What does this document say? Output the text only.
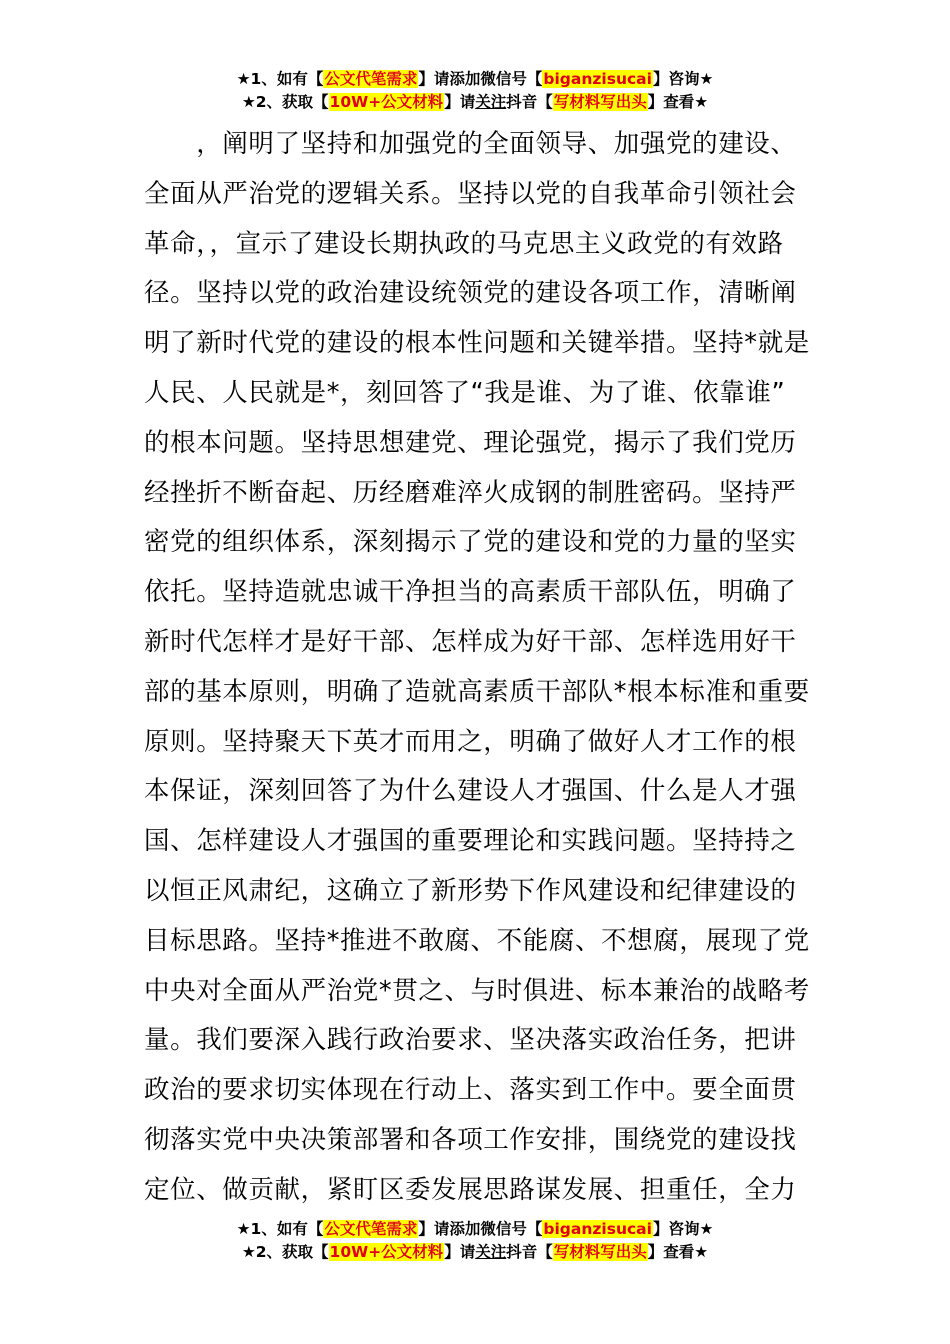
★1、如有【公文代笔需求】请添加微信号【biganzisucai】咨询★
★2、获取【10W+公文材料】请关注抖音【写材料写出头】查看★
　　，阐明了坚持和加强党的全面领导、加强党的建设、
全面从严治党的逻辑关系。坚持以党的自我革命引领社会
革命，，宣示了建设长期执政的马克思主义政党的有效路
径。坚持以党的政治建设统领党的建设各项工作，清晰阐
明了新时代党的建设的根本性问题和关键举措。坚持*就是
人民、人民就是*，刻回答了“我是谁、为了谁、依靠谁”
的根本问题。坚持思想建党、理论强党，揭示了我们党历
经挫折不断奋起、历经磨难淬火成钢的制胜密码。坚持严
密党的组织体系，深刻揭示了党的建设和党的力量的坚实
依托。坚持造就忠诚干净担当的高素质干部队伍，明确了
新时代怎样才是好干部、怎样成为好干部、怎样选用好干
部的基本原则，明确了造就高素质干部队*根本标准和重要
原则。坚持聚天下英才而用之，明确了做好人才工作的根
本保证，深刻回答了为什么建设人才强国、什么是人才强
国、怎样建设人才强国的重要理论和实践问题。坚持持之
以恒正风肃纪，这确立了新形势下作风建设和纪律建设的
目标思路。坚持*推进不敢腐、不能腐、不想腐，展现了党
中央对全面从严治党*贯之、与时俱进、标本兼治的战略考
量。我们要深入践行政治要求、坚决落实政治任务，把讲
政治的要求切实体现在行动上、落实到工作中。要全面贯
彻落实党中央决策部署和各项工作安排，围绕党的建设找
定位、做贡献，紧盯区委发展思路谋发展、担重任，全力
★1、如有【公文代笔需求】请添加微信号【biganzisucai】咨询★
★2、获取【10W+公文材料】请关注抖音【写材料写出头】查看★
